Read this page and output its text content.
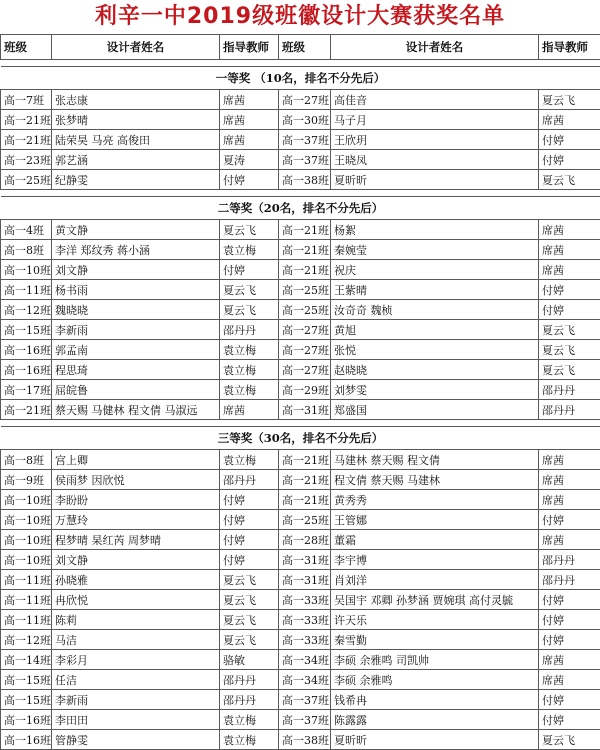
利辛一中2019级班徽设计大赛获奖名单
班级	设计者姓名	指导教师	班级	设计者姓名	指导教师

一等奖 （10名，排名不分先后）					
高一7班	张志康	席茜	高一27班	高佳音	夏云飞
高一21班	张梦晴	席茜	高一30班	马子月	席茜
高一21班	陆荣昊 马亮 高俊田	席茜	高一37班	王欣玥	付婷
高一23班	郭艺涵	夏涛	高一37班	王晓凤	付婷
高一25班	纪静雯	付婷	高一38班	夏昕昕	夏云飞

二等奖（20名，排名不分先后）					
高一4班	黄文静	夏云飞	高一21班	杨絮	席茜
高一8班	李洋 郑纹秀 蒋小涵	袁立梅	高一21班	秦婉莹	席茜
高一10班	刘文静	付婷	高一21班	祝庆	席茜
高一11班	杨书雨	夏云飞	高一25班	王紫晴	付婷
高一12班	魏晓晓	夏云飞	高一25班	汝奇奇 魏桢	付婷
高一15班	李新雨	邵丹丹	高一27班	黄旭	夏云飞
高一16班	郭孟南	袁立梅	高一27班	张悦	夏云飞
高一16班	程思琦	袁立梅	高一27班	赵晓晓	夏云飞
高一17班	屈皖鲁	袁立梅	高一29班	刘梦雯	邵丹丹
高一21班	蔡天赐 马健林 程文倩 马淑远	席茜	高一31班	郑盛国	邵丹丹

三等奖（30名，排名不分先后）					
高一8班	宫上卿	袁立梅	高一21班	马建林 蔡天赐 程文倩	席茜
高一9班	侯雨梦 因欣悦	邵丹丹	高一21班	程文倩 蔡天赐 马建林	席茜
高一10班	李盼盼	付婷	高一21班	黄秀秀	席茜
高一10班	万慧玲	付婷	高一25班	王管娜	付婷
高一10班	程梦晴 杲红芮 周梦晴	付婷	高一28班	董霜	席茜
高一10班	刘文静	付婷	高一31班	李宇博	邵丹丹
高一11班	孙晓雅	夏云飞	高一31班	肖刘洋	邵丹丹
高一11班	冉欣悦	夏云飞	高一33班	吴国宇 邓卿 孙梦涵 贾婉琪 高付灵毓	付婷
高一11班	陈莉	夏云飞	高一33班	许天乐	付婷
高一12班	马洁	夏云飞	高一33班	秦雪勤	付婷
高一14班	李彩月	骆敏	高一34班	李硕 余雅鸣 司凯帅	席茜
高一15班	任洁	邵丹丹	高一34班	李硕 余雅鸣	席茜
高一15班	李新雨	邵丹丹	高一37班	钱希冉	付婷
高一16班	李田田	袁立梅	高一37班	陈露露	付婷
高一16班	管静雯	袁立梅	高一38班	夏昕昕	夏云飞
